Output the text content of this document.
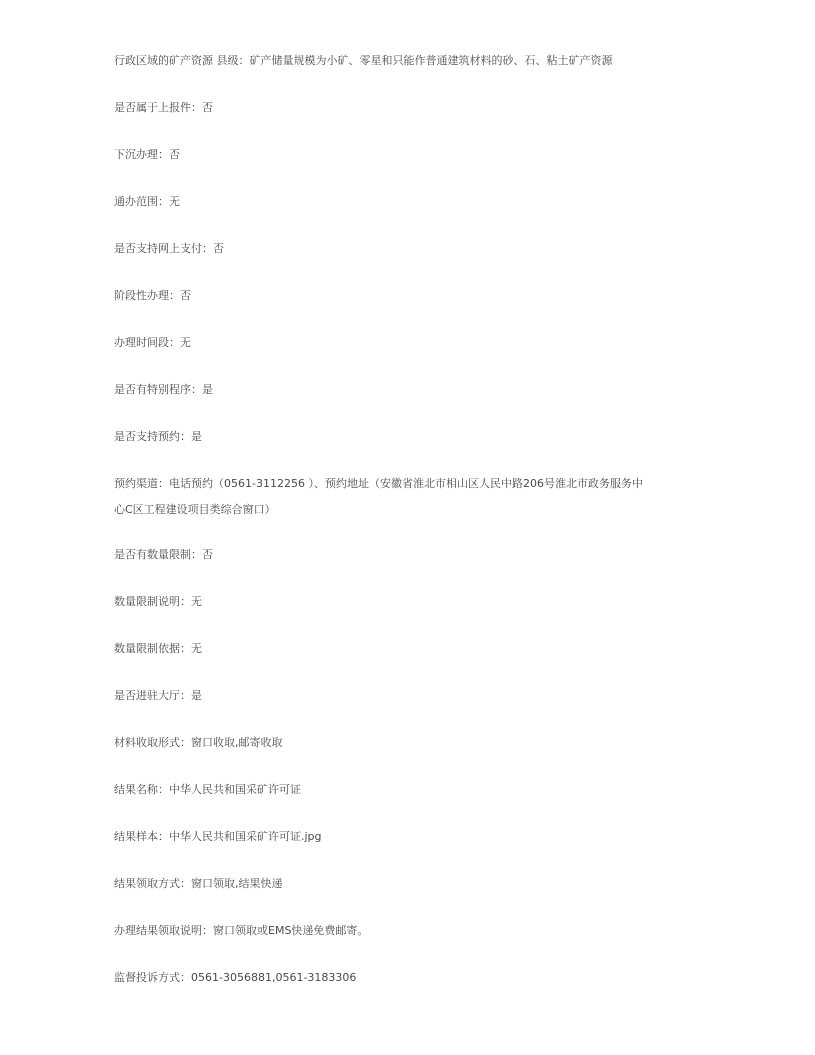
行政区域的矿产资源 县级：矿产储量规模为小矿、零星和只能作普通建筑材料的砂、石、粘土矿产资源
是否属于上报件：否
下沉办理：否
通办范围：无
是否支持网上支付：否
阶段性办理：否
办理时间段：无
是否有特别程序：是
是否支持预约：是
预约渠道：电话预约（0561-3112256 ）、预约地址（安徽省淮北市相山区人民中路206号淮北市政务服务中
心C区工程建设项目类综合窗口）
是否有数量限制：否
数量限制说明：无
数量限制依据：无
是否进驻大厅：是
材料收取形式：窗口收取,邮寄收取
结果名称：中华人民共和国采矿许可证
结果样本：中华人民共和国采矿许可证.jpg
结果领取方式：窗口领取,结果快递
办理结果领取说明：窗口领取或EMS快递免费邮寄。
监督投诉方式：0561-3056881,0561-3183306
